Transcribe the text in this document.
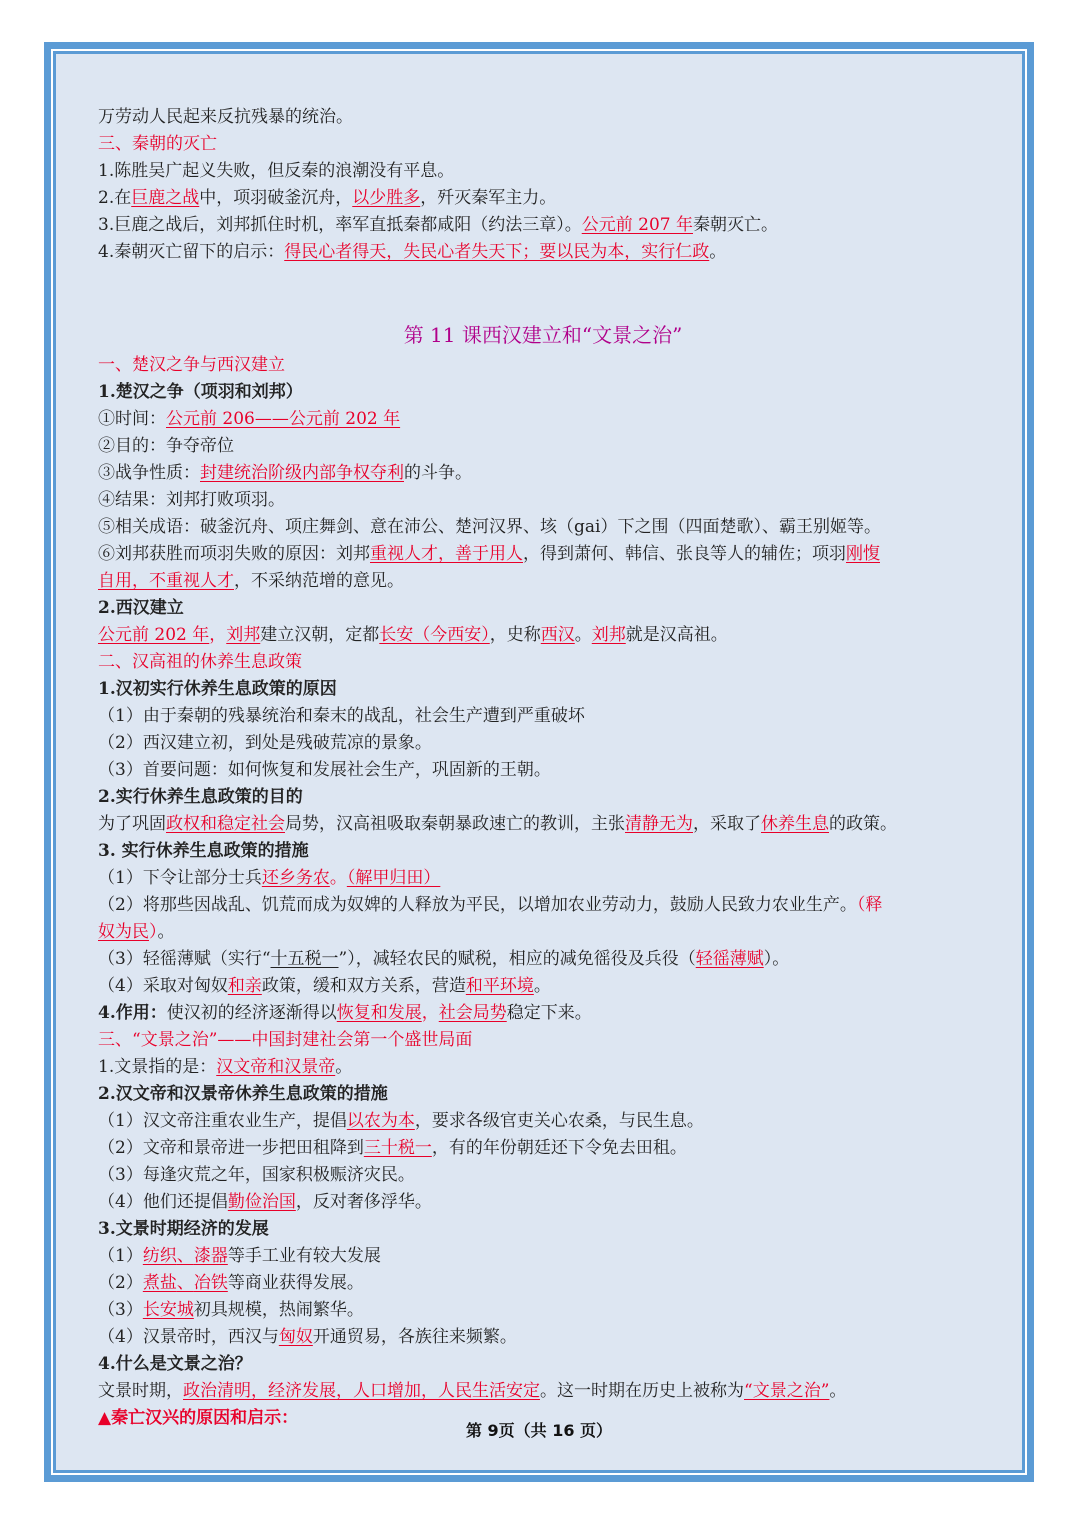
万劳动人民起来反抗残暴的统治。
三、秦朝的灭亡
1.陈胜吴广起义失败，但反秦的浪潮没有平息。
2.在巨鹿之战中，项羽破釜沉舟，以少胜多，歼灭秦军主力。
3.巨鹿之战后，刘邦抓住时机，率军直抵秦都咸阳（约法三章）。公元前 207 年秦朝灭亡。
4.秦朝灭亡留下的启示：得民心者得天，失民心者失天下；要以民为本，实行仁政。
第 11 课西汉建立和“文景之治”
一、楚汉之争与西汉建立
1.楚汉之争（项羽和刘邦）
①时间：公元前 206——公元前 202 年
②目的：争夺帝位
③战争性质：封建统治阶级内部争权夺利的斗争。
④结果：刘邦打败项羽。
⑤相关成语：破釜沉舟、项庄舞剑、意在沛公、楚河汉界、垓（gai）下之围（四面楚歌）、霸王别姬等。
⑥刘邦获胜而项羽失败的原因：刘邦重视人才，善于用人，得到萧何、韩信、张良等人的辅佐；项羽刚愎
自用，不重视人才，不采纳范增的意见。
2.西汉建立
公元前 202 年，刘邦建立汉朝，定都长安（今西安），史称西汉。刘邦就是汉高祖。
二、汉高祖的休养生息政策
1.汉初实行休养生息政策的原因
（1）由于秦朝的残暴统治和秦末的战乱，社会生产遭到严重破坏
（2）西汉建立初，到处是残破荒凉的景象。
（3）首要问题：如何恢复和发展社会生产，巩固新的王朝。
2.实行休养生息政策的目的
为了巩固政权和稳定社会局势，汉高祖吸取秦朝暴政速亡的教训，主张清静无为，采取了休养生息的政策。
3. 实行休养生息政策的措施
（1）下令让部分士兵还乡务农。（解甲归田）
（2）将那些因战乱、饥荒而成为奴婢的人释放为平民，以增加农业劳动力，鼓励人民致力农业生产。（释
奴为民）。
（3）轻徭薄赋（实行“十五税一”），减轻农民的赋税，相应的减免徭役及兵役（轻徭薄赋）。
（4）采取对匈奴和亲政策，缓和双方关系，营造和平环境。
4.作用：使汉初的经济逐渐得以恢复和发展，社会局势稳定下来。
三、“文景之治”——中国封建社会第一个盛世局面
1.文景指的是：汉文帝和汉景帝。
2.汉文帝和汉景帝休养生息政策的措施
（1）汉文帝注重农业生产，提倡以农为本，要求各级官吏关心农桑，与民生息。
（2）文帝和景帝进一步把田租降到三十税一，有的年份朝廷还下令免去田租。
（3）每逢灾荒之年，国家积极赈济灾民。
（4）他们还提倡勤俭治国，反对奢侈浮华。
3.文景时期经济的发展
（1）纺织、漆器等手工业有较大发展
（2）煮盐、冶铁等商业获得发展。
（3）长安城初具规模，热闹繁华。
（4）汉景帝时，西汉与匈奴开通贸易，各族往来频繁。
4.什么是文景之治？
文景时期，政治清明，经济发展，人口增加，人民生活安定。这一时期在历史上被称为“文景之治”。
▲秦亡汉兴的原因和启示：
第 9页（共 16 页）
